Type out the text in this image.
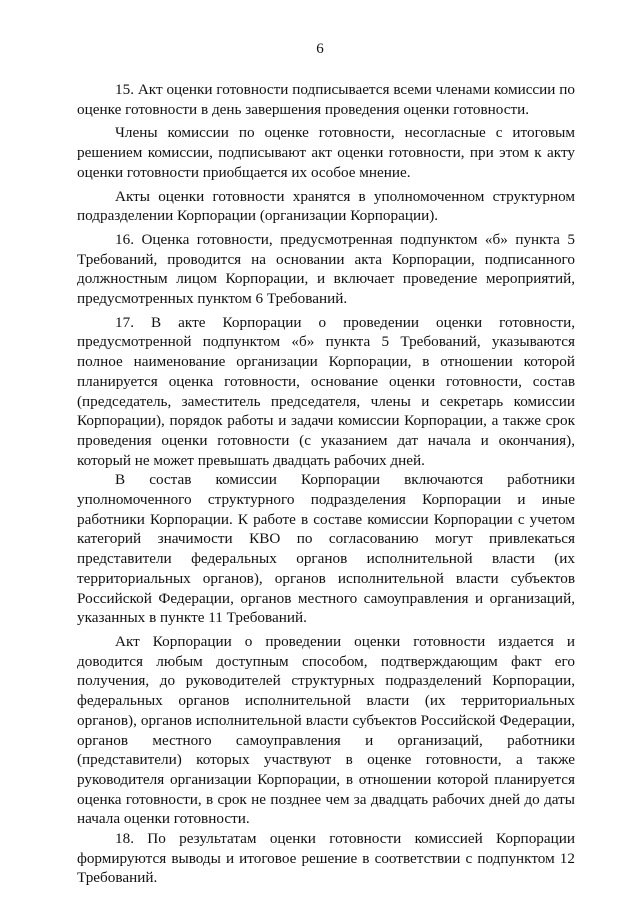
6

15. Акт оценки готовности подписывается всеми членами комиссии по оценке готовности в день завершения проведения оценки готовности.

Члены комиссии по оценке готовности, несогласные с итоговым решением комиссии, подписывают акт оценки готовности, при этом к акту оценки готовности приобщается их особое мнение.

Акты оценки готовности хранятся в уполномоченном структурном подразделении Корпорации (организации Корпорации).

16. Оценка готовности, предусмотренная подпунктом «б» пункта 5 Требований, проводится на основании акта Корпорации, подписанного должностным лицом Корпорации, и включает проведение мероприятий, предусмотренных пунктом 6 Требований.

17. В акте Корпорации о проведении оценки готовности, предусмотренной подпунктом «б» пункта 5 Требований, указываются полное наименование организации Корпорации, в отношении которой планируется оценка готовности, основание оценки готовности, состав (председатель, заместитель председателя, члены и секретарь комиссии Корпорации), порядок работы и задачи комиссии Корпорации, а также срок проведения оценки готовности (с указанием дат начала и окончания), который не может превышать двадцать рабочих дней.

В состав комиссии Корпорации включаются работники уполномоченного структурного подразделения Корпорации и иные работники Корпорации. К работе в составе комиссии Корпорации с учетом категорий значимости КВО по согласованию могут привлекаться представители федеральных органов исполнительной власти (их территориальных органов), органов исполнительной власти субъектов Российской Федерации, органов местного самоуправления и организаций, указанных в пункте 11 Требований.

Акт Корпорации о проведении оценки готовности издается и доводится любым доступным способом, подтверждающим факт его получения, до руководителей структурных подразделений Корпорации, федеральных органов исполнительной власти (их территориальных органов), органов исполнительной власти субъектов Российской Федерации, органов местного самоуправления и организаций, работники (представители) которых участвуют в оценке готовности, а также руководителя организации Корпорации, в отношении которой планируется оценка готовности, в срок не позднее чем за двадцать рабочих дней до даты начала оценки готовности.

18. По результатам оценки готовности комиссией Корпорации формируются выводы и итоговое решение в соответствии с подпунктом 12 Требований.
